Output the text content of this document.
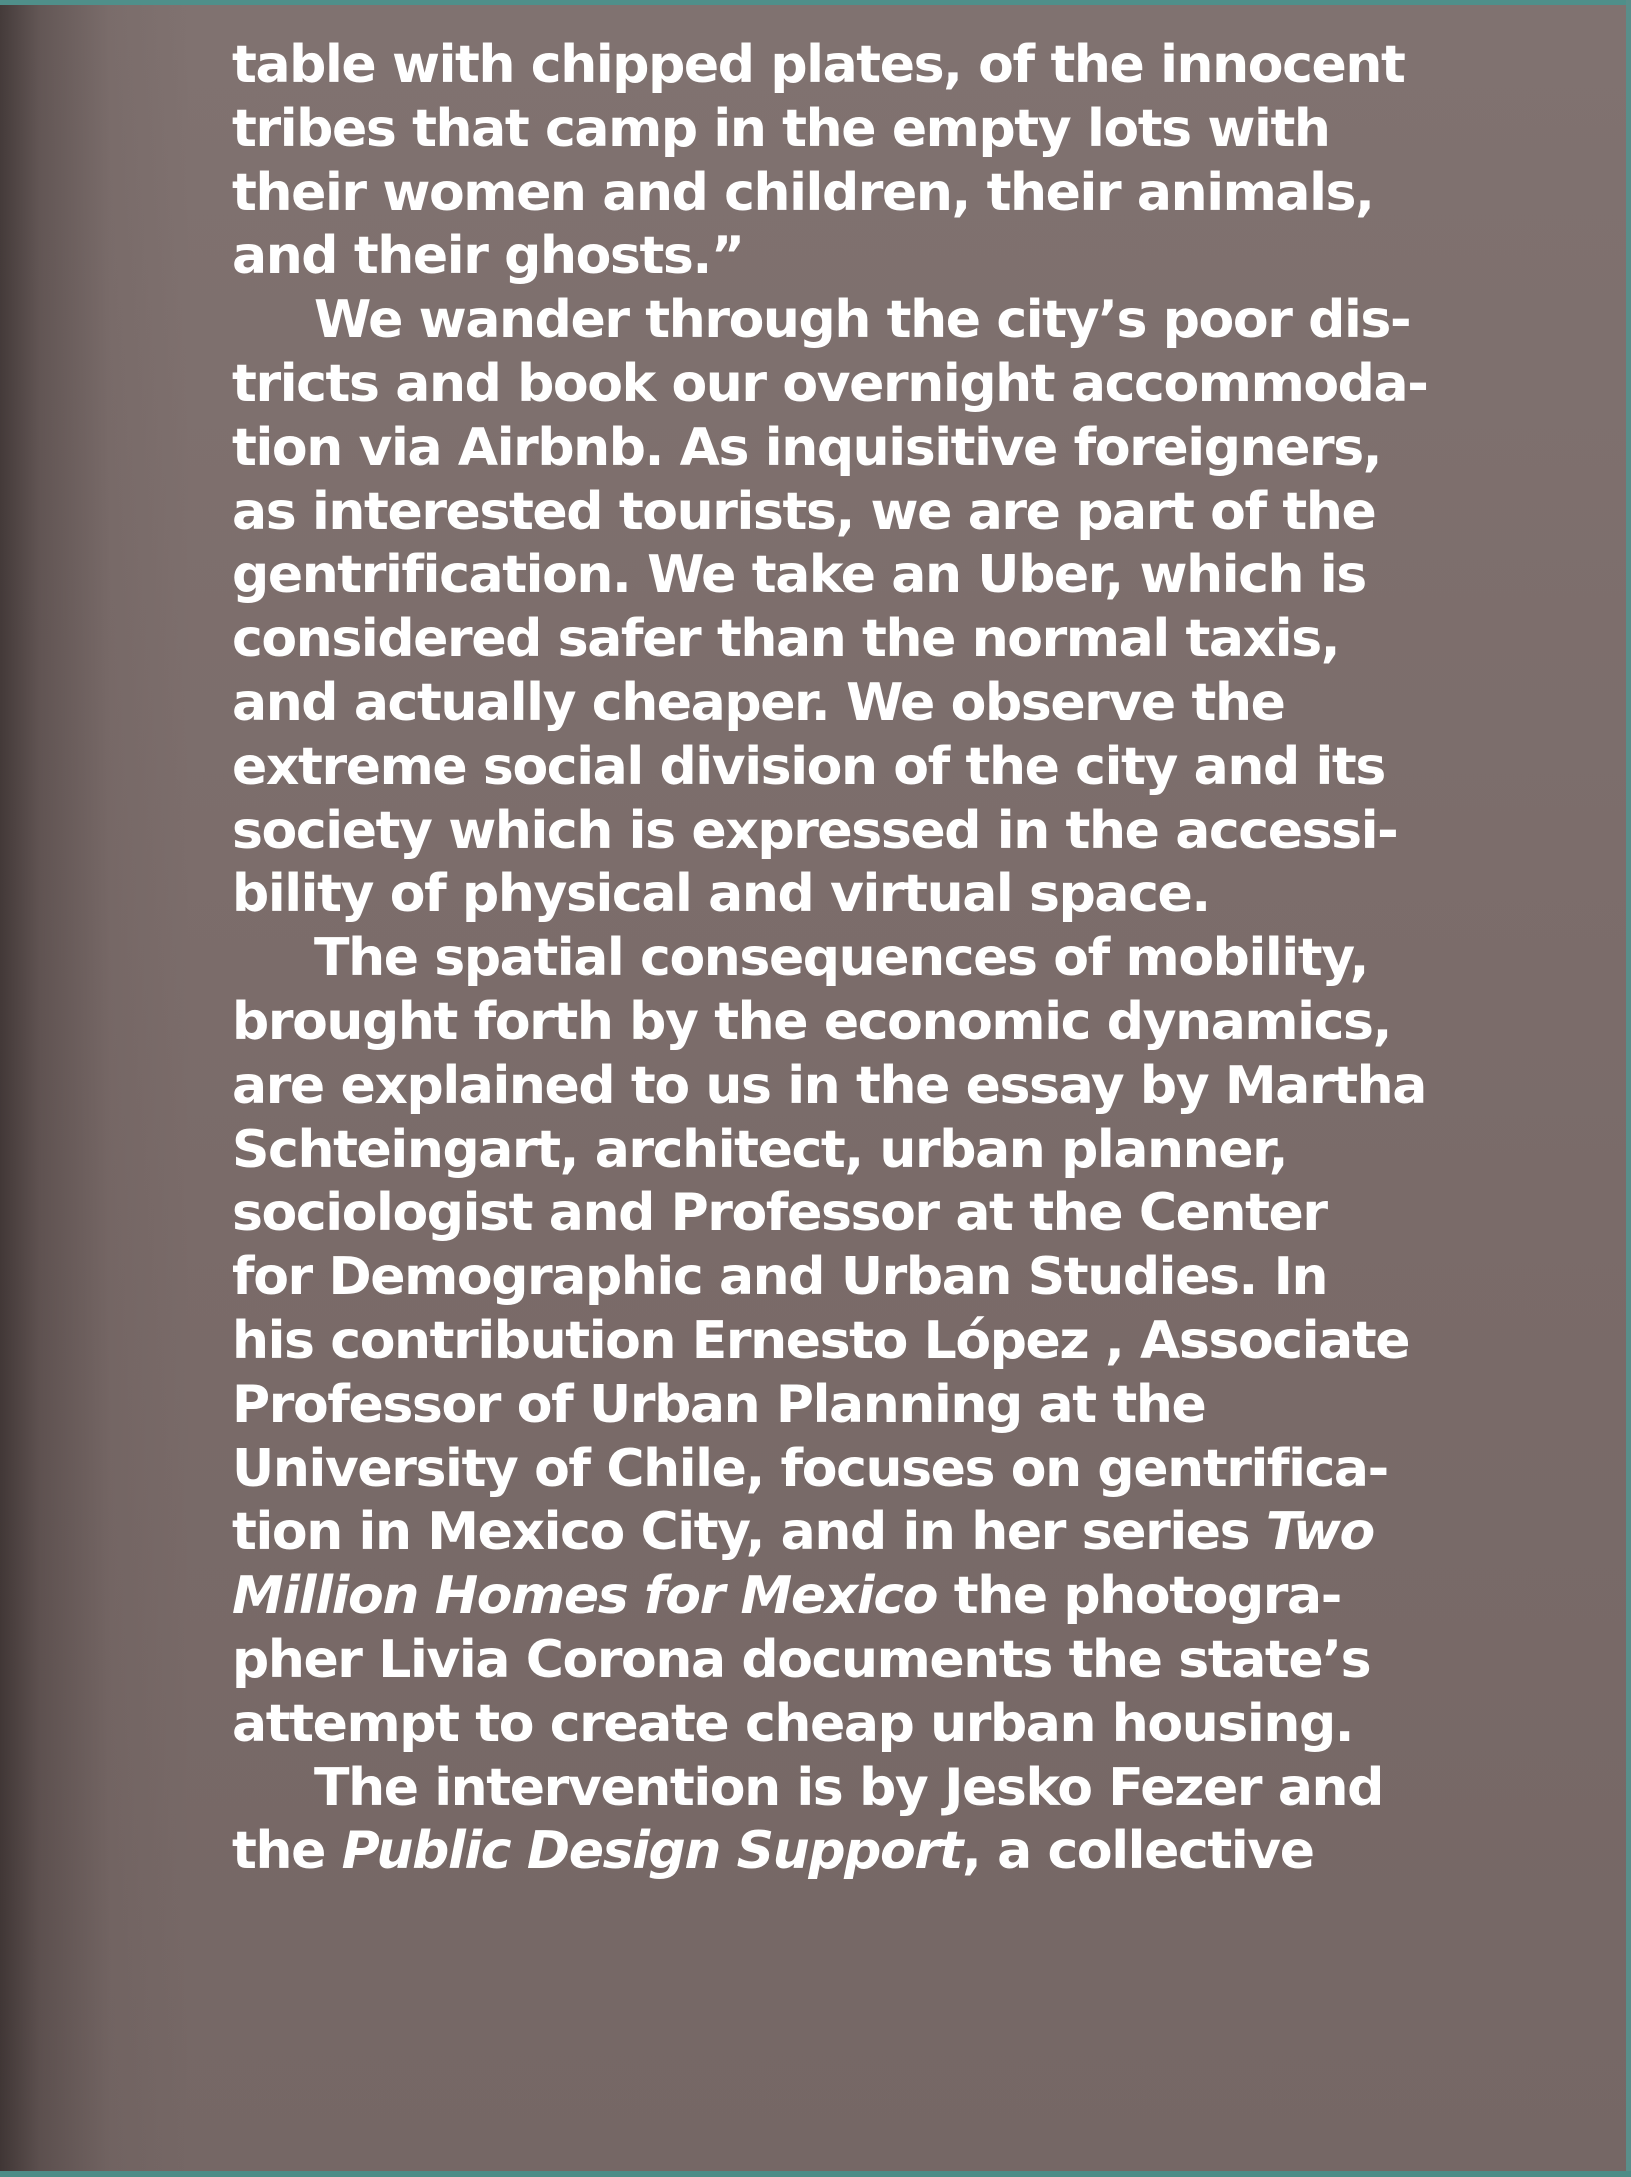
table with chipped plates, of the innocent
tribes that camp in the empty lots with
their women and children, their animals,
and their ghosts.”
We wander through the city’s poor dis-
tricts and book our overnight accommoda-
tion via Airbnb. As inquisitive foreigners,
as interested tourists, we are part of the
gentrification. We take an Uber, which is
considered safer than the normal taxis,
and actually cheaper. We observe the
extreme social division of the city and its
society which is expressed in the accessi-
bility of physical and virtual space.
The spatial consequences of mobility,
brought forth by the economic dynamics,
are explained to us in the essay by Martha
Schteingart, architect, urban planner,
sociologist and Professor at the Center
for Demographic and Urban Studies. In
his contribution Ernesto López , Associate
Professor of Urban Planning at the
University of Chile, focuses on gentrifica-
tion in Mexico City, and in her series Two
Million Homes for Mexico the photogra-
pher Livia Corona documents the state’s
attempt to create cheap urban housing.
The intervention is by Jesko Fezer and
the Public Design Support, a collective
